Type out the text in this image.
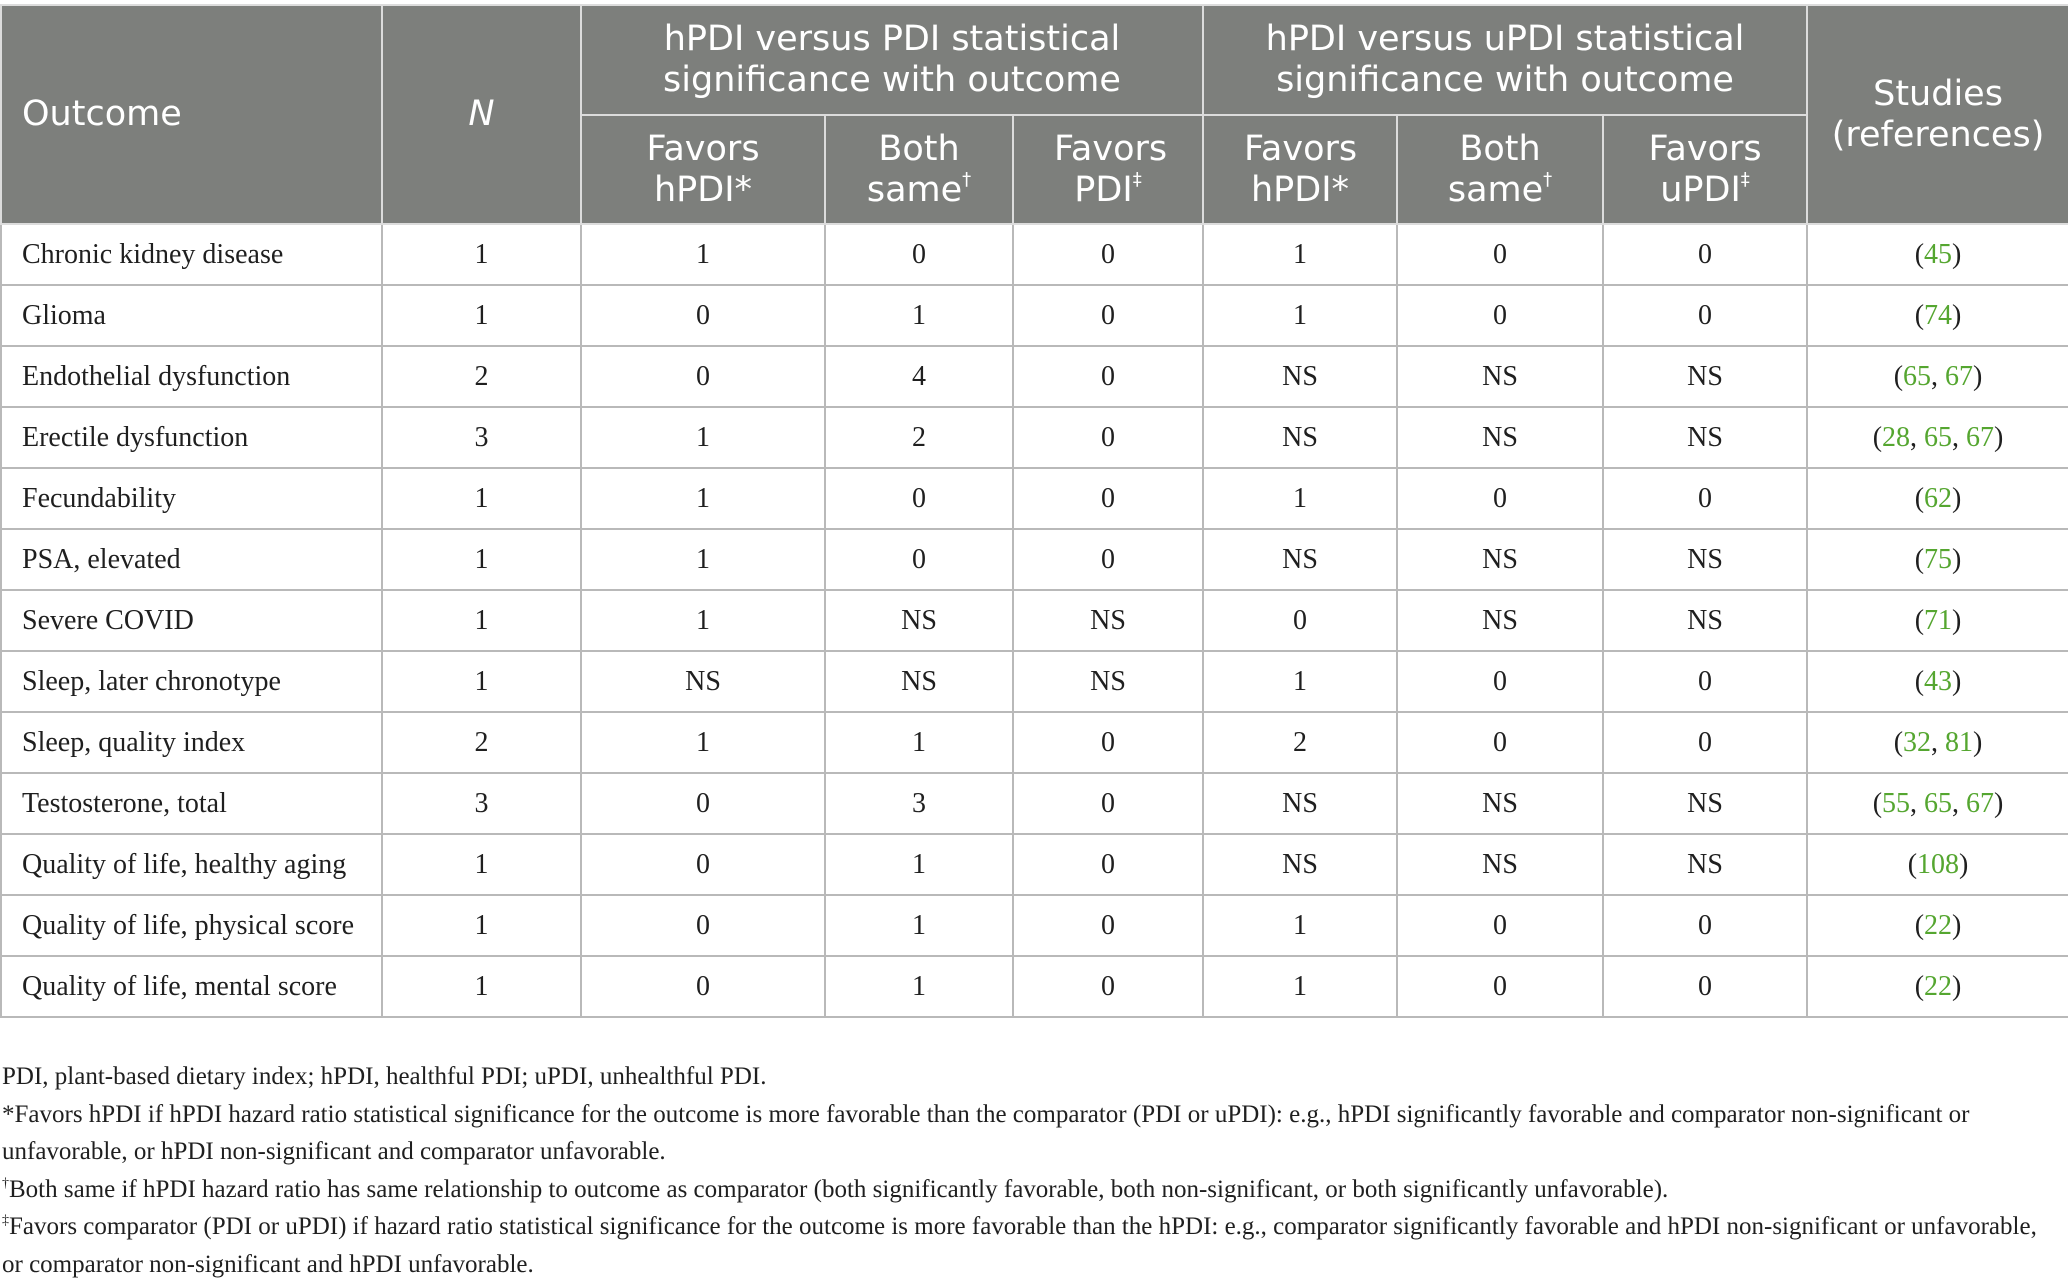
Outcome	N	hPDI versus PDI statistical significance with outcome			hPDI versus uPDI statistical significance with outcome			Studies (references)
		Favors hPDI*	Both same†	Favors PDI‡	Favors hPDI*	Both same†	Favors uPDI‡
Chronic kidney disease	1	1	0	0	1	0	0	(45)
Glioma	1	0	1	0	1	0	0	(74)
Endothelial dysfunction	2	0	4	0	NS	NS	NS	(65, 67)
Erectile dysfunction	3	1	2	0	NS	NS	NS	(28, 65, 67)
Fecundability	1	1	0	0	1	0	0	(62)
PSA, elevated	1	1	0	0	NS	NS	NS	(75)
Severe COVID	1	1	NS	NS	0	NS	NS	(71)
Sleep, later chronotype	1	NS	NS	NS	1	0	0	(43)
Sleep, quality index	2	1	1	0	2	0	0	(32, 81)
Testosterone, total	3	0	3	0	NS	NS	NS	(55, 65, 67)
Quality of life, healthy aging	1	0	1	0	NS	NS	NS	(108)
Quality of life, physical score	1	0	1	0	1	0	0	(22)
Quality of life, mental score	1	0	1	0	1	0	0	(22)

PDI, plant-based dietary index; hPDI, healthful PDI; uPDI, unhealthful PDI.

*Favors hPDI if hPDI hazard ratio statistical significance for the outcome is more favorable than the comparator (PDI or uPDI): e.g., hPDI significantly favorable and comparator non-significant or unfavorable, or hPDI non-significant and comparator unfavorable.

†Both same if hPDI hazard ratio has same relationship to outcome as comparator (both significantly favorable, both non-significant, or both significantly unfavorable).

‡Favors comparator (PDI or uPDI) if hazard ratio statistical significance for the outcome is more favorable than the hPDI: e.g., comparator significantly favorable and hPDI non-significant or unfavorable, or comparator non-significant and hPDI unfavorable.
